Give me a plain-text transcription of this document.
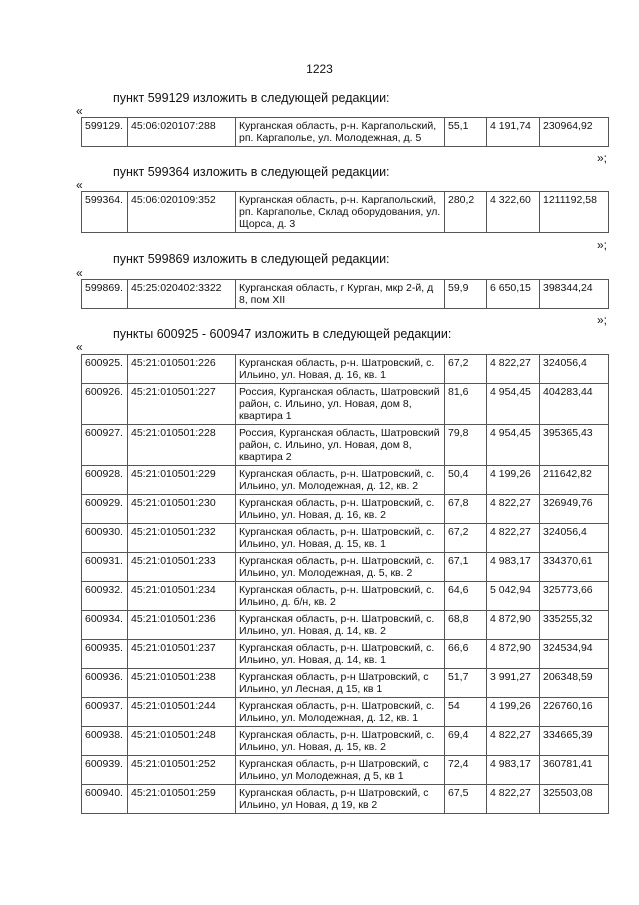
1223
пункт 599129 изложить в следующей редакции:
«
599129.	45:06:020107:288	Курганская область, р-н. Каргапольский, рп. Каргаполье, ул. Молодежная, д. 5	55,1	4 191,74	230964,92
»;
пункт 599364 изложить в следующей редакции:
«
599364.	45:06:020109:352	Курганская область, р-н. Каргапольский, рп. Каргаполье, Склад оборудования, ул. Щорса, д. 3	280,2	4 322,60	1211192,58
»;
пункт 599869 изложить в следующей редакции:
«
599869.	45:25:020402:3322	Курганская область, г Курган, мкр 2-й, д 8, пом XII	59,9	6 650,15	398344,24
»;
пункты 600925 - 600947 изложить в следующей редакции:
«
600925.	45:21:010501:226	Курганская область, р-н. Шатровский, с. Ильино, ул. Новая, д. 16, кв. 1	67,2	4 822,27	324056,4
600926.	45:21:010501:227	Россия, Курганская область, Шатровский район, с. Ильино, ул. Новая, дом 8, квартира 1	81,6	4 954,45	404283,44
600927.	45:21:010501:228	Россия, Курганская область, Шатровский район, с. Ильино, ул. Новая, дом 8, квартира 2	79,8	4 954,45	395365,43
600928.	45:21:010501:229	Курганская область, р-н. Шатровский, с. Ильино, ул. Молодежная, д. 12, кв. 2	50,4	4 199,26	211642,82
600929.	45:21:010501:230	Курганская область, р-н. Шатровский, с. Ильино, ул. Новая, д. 16, кв. 2	67,8	4 822,27	326949,76
600930.	45:21:010501:232	Курганская область, р-н. Шатровский, с. Ильино, ул. Новая, д. 15, кв. 1	67,2	4 822,27	324056,4
600931.	45:21:010501:233	Курганская область, р-н. Шатровский, с. Ильино, ул. Молодежная, д. 5, кв. 2	67,1	4 983,17	334370,61
600932.	45:21:010501:234	Курганская область, р-н. Шатровский, с. Ильино, д. б/н, кв. 2	64,6	5 042,94	325773,66
600934.	45:21:010501:236	Курганская область, р-н. Шатровский, с. Ильино, ул. Новая, д. 14, кв. 2	68,8	4 872,90	335255,32
600935.	45:21:010501:237	Курганская область, р-н. Шатровский, с. Ильино, ул. Новая, д. 14, кв. 1	66,6	4 872,90	324534,94
600936.	45:21:010501:238	Курганская область, р-н Шатровский, с Ильино, ул Лесная, д 15, кв 1	51,7	3 991,27	206348,59
600937.	45:21:010501:244	Курганская область, р-н. Шатровский, с. Ильино, ул. Молодежная, д. 12, кв. 1	54	4 199,26	226760,16
600938.	45:21:010501:248	Курганская область, р-н. Шатровский, с. Ильино, ул. Новая, д. 15, кв. 2	69,4	4 822,27	334665,39
600939.	45:21:010501:252	Курганская область, р-н Шатровский, с Ильино, ул Молодежная, д 5, кв 1	72,4	4 983,17	360781,41
600940.	45:21:010501:259	Курганская область, р-н Шатровский, с Ильино, ул Новая, д 19, кв 2	67,5	4 822,27	325503,08
